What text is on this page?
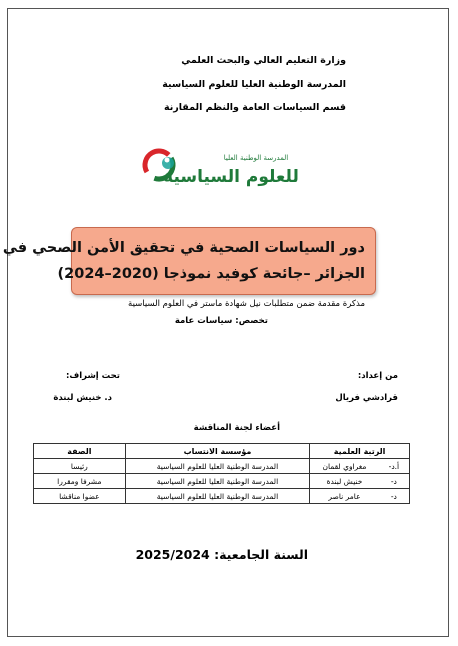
وزارة التعليم العالي والبحث العلمي
المدرسة الوطنية العليا للعلوم السياسية
قسم السياسات العامة والنظم المقارنة
المدرسة الوطنية العليا
للعلوم السياسية
دور السياسات الصحية في تحقيق الأمن الصحي في
الجزائر –جائحة كوفيد نموذجا (2020–2024)
مذكرة مقدمة ضمن متطلبات نيل شهادة ماستر في العلوم السياسية
تخصص: سياسات عامة
من إعداد:
تحت إشراف:
قرادشي فريال
د. خنيش لبندة
أعضاء لجنة المناقشة
الرتبة العلمية		مؤسسة الانتساب	الصفة
أ.د-	مغراوي لقمان	المدرسة الوطنية العليا للعلوم السياسية	رئيسا
د-	خنيش لبندة	المدرسة الوطنية العليا للعلوم السياسية	مشرفا ومقررا
د-	عامر ناصر	المدرسة الوطنية العليا للعلوم السياسية	عضوا مناقشا
السنة الجامعية: 2025/2024
